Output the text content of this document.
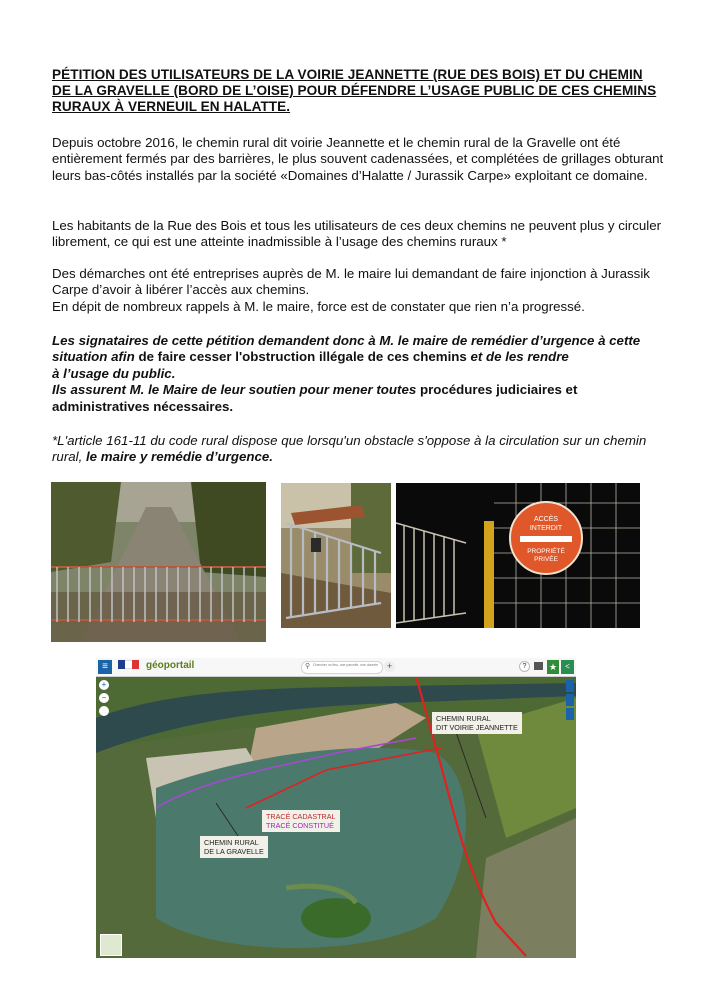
PÉTITION DES UTILISATEURS DE LA VOIRIE JEANNETTE (RUE DES BOIS) ET DU CHEMIN DE LA GRAVELLE (BORD DE L’OISE) POUR DÉFENDRE L’USAGE PUBLIC DE CES CHEMINS RURAUX À VERNEUIL EN HALATTE.
Depuis octobre 2016, le chemin rural dit voirie Jeannette et le chemin rural de la Gravelle ont été entièrement fermés par des barrières, le plus souvent cadenassées, et complétées de grillages obturant leurs bas-côtés installés par la société «Domaines d’Halatte / Jurassik Carpe» exploitant ce domaine.
Les habitants de la Rue des Bois et tous les utilisateurs de ces deux chemins ne peuvent plus y circuler librement, ce qui est une atteinte inadmissible à l’usage des chemins ruraux *
Des démarches ont été entreprises auprès de M. le maire lui demandant de faire injonction à Jurassik Carpe d’avoir à libérer l’accès aux chemins.
En dépit de nombreux rappels à M. le maire, force est de constater que rien n’a progressé.
Les signataires de cette pétition demandent donc à M. le maire de remédier d’urgence à cette situation afin de faire cesser l'obstruction illégale de ces chemins et de les rendre
à l’usage du public.
Ils assurent M. le Maire de leur soutien pour mener toutes procédures judiciaires et administratives nécessaires.
*L'article 161-11 du code rural dispose que lorsqu'un obstacle s'oppose à la circulation sur un chemin rural, le maire y remédie d’urgence.
ACCÈS
INTERDIT
PROPRIÉTÉ
PRIVÉE
≡	géoportail	⚲ Chercher un lieu, une parcelle, une donnée +	?	★	<
+
−
CHEMIN RURAL
DIT VOIRIE JEANNETTE
TRACÉ CADASTRAL
TRACÉ CONSTITUÉ
CHEMIN RURAL
DE LA GRAVELLE
